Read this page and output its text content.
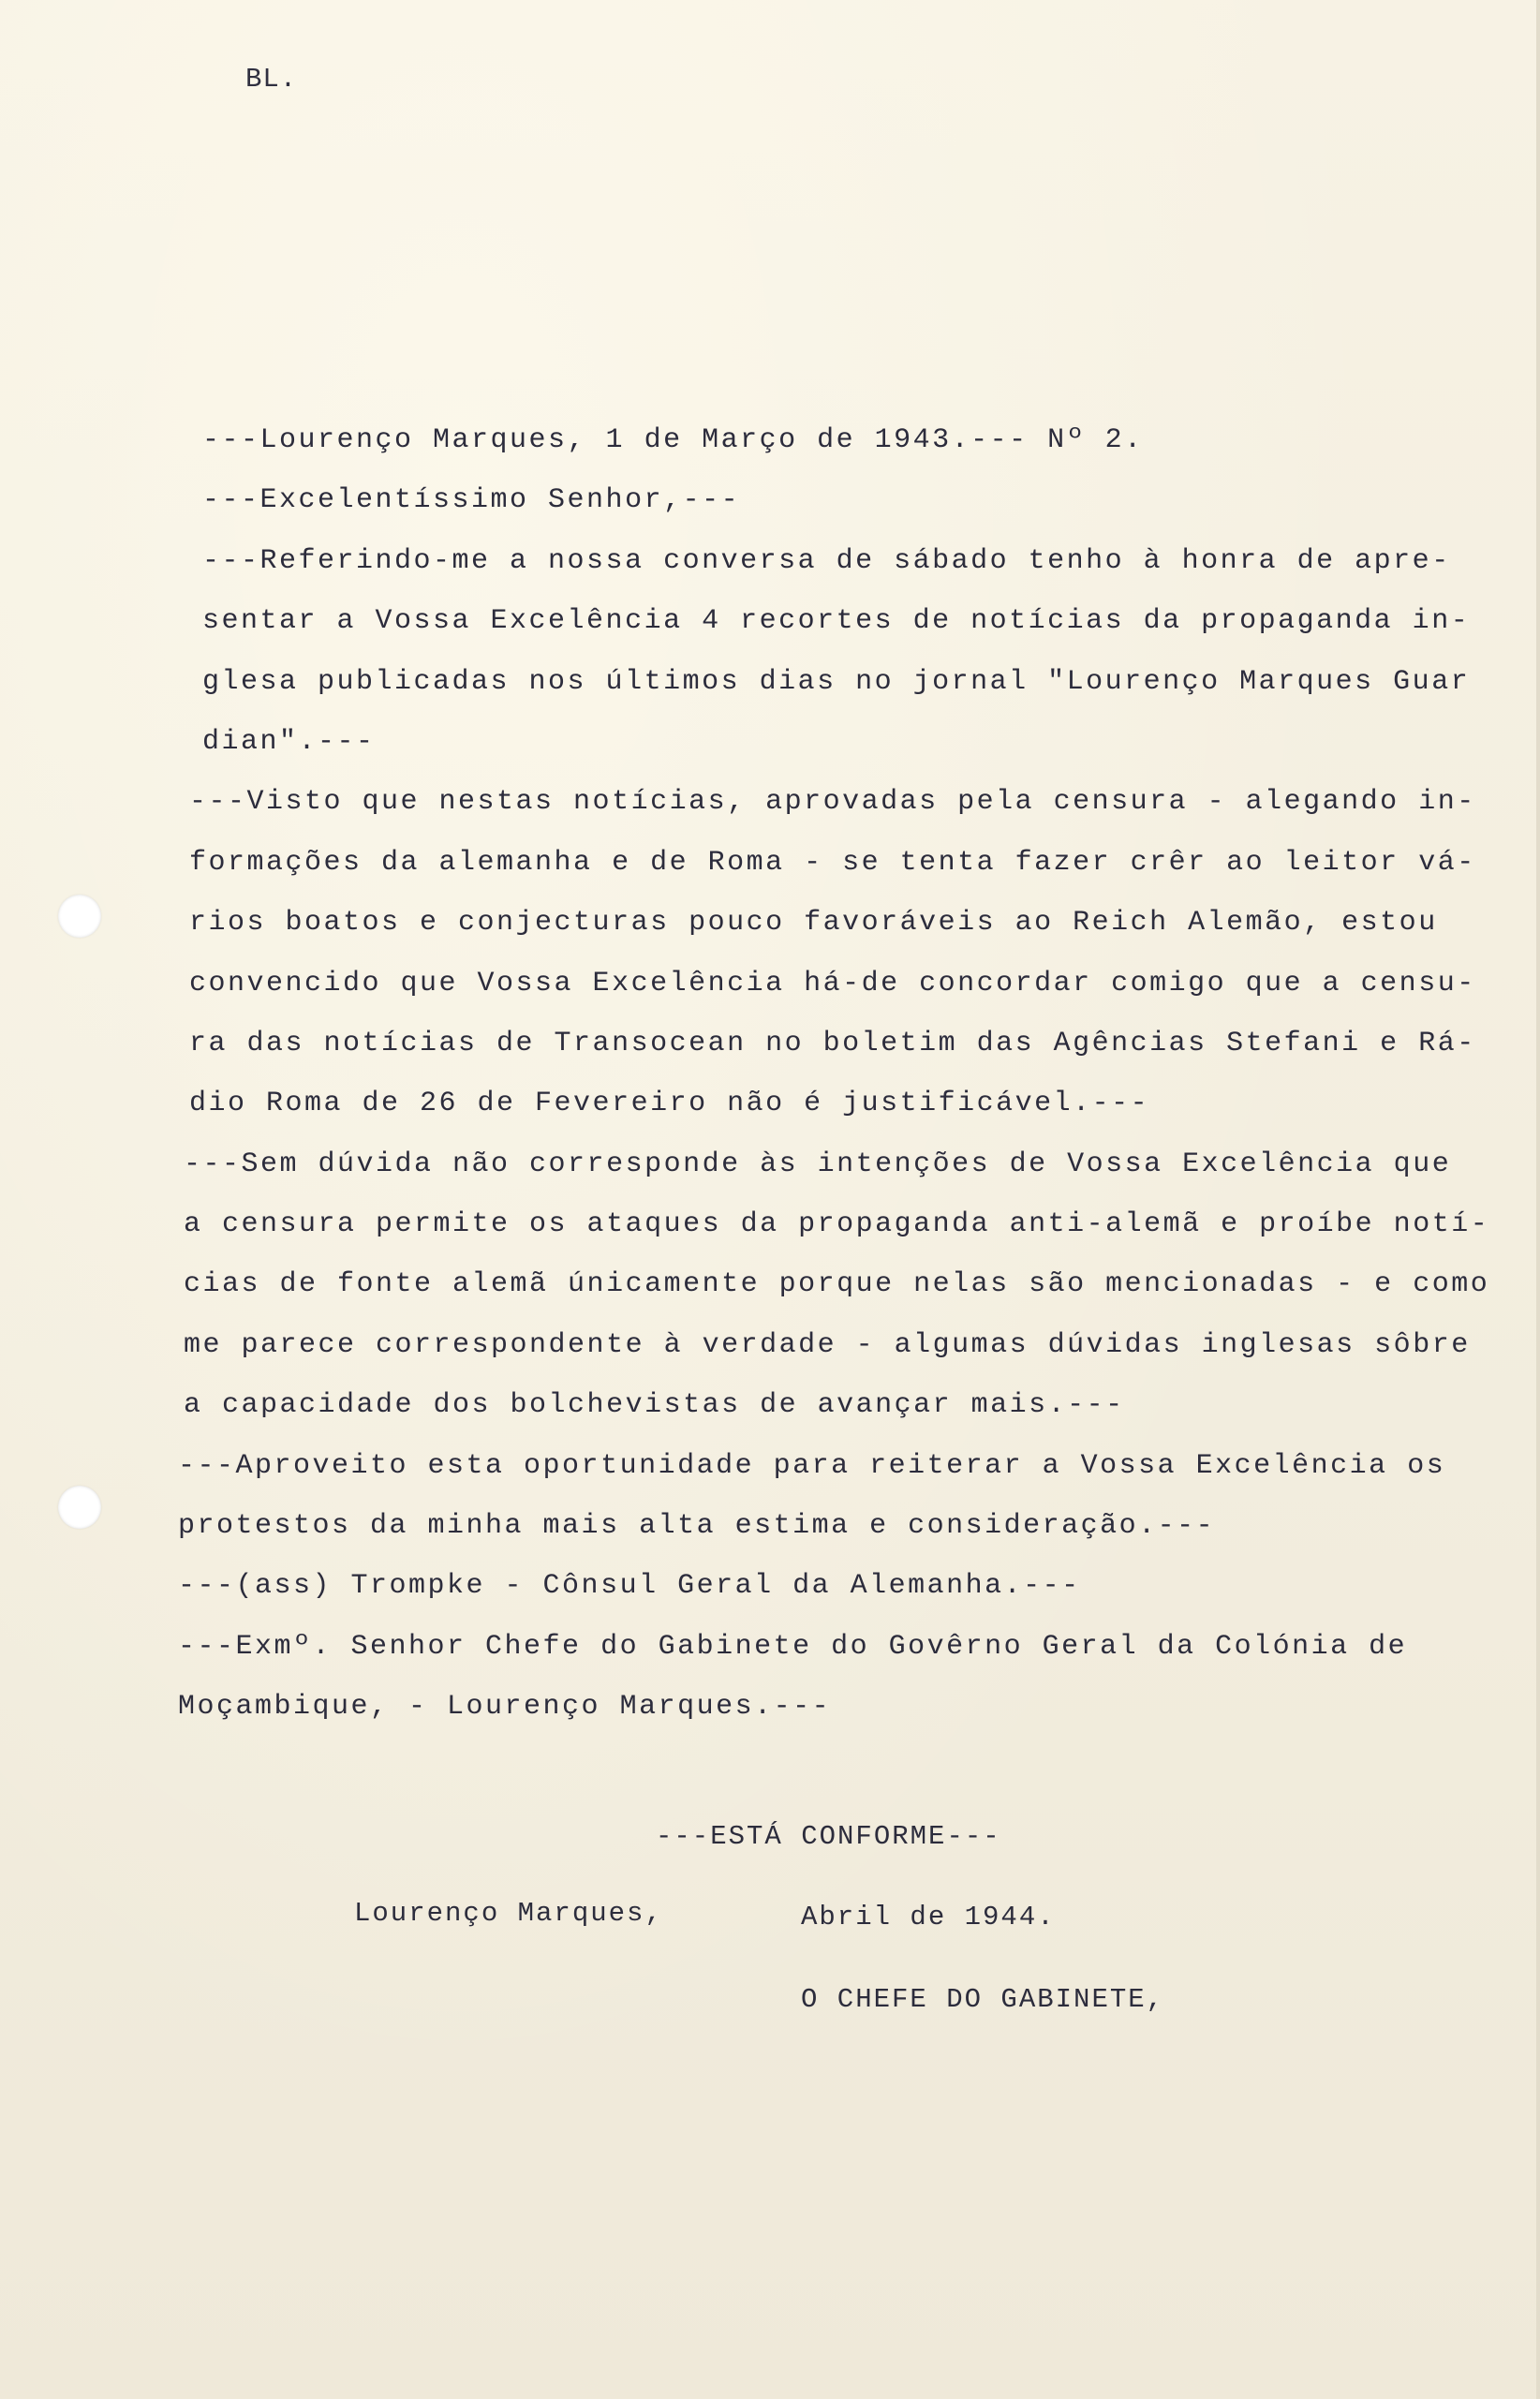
BL.
---Lourenço Marques, 1 de Março de 1943.--- Nº 2.
---Excelentíssimo Senhor,---
---Referindo-me a nossa conversa de sábado tenho à honra de apre-
sentar a Vossa Excelência 4 recortes de notícias da propaganda in-
glesa publicadas nos últimos dias no jornal "Lourenço Marques Guar
dian".---
---Visto que nestas notícias, aprovadas pela censura - alegando in-
formações da alemanha e de Roma - se tenta fazer crêr ao leitor vá-
rios boatos e conjecturas pouco favoráveis ao Reich Alemão, estou
convencido que Vossa Excelência há-de concordar comigo que a censu-
ra das notícias de Transocean no boletim das Agências Stefani e Rá-
dio Roma de 26 de Fevereiro não é justificável.---
---Sem dúvida não corresponde às intenções de Vossa Excelência que
a censura permite os ataques da propaganda anti-alemã e proíbe notí-
cias de fonte alemã únicamente porque nelas são mencionadas - e como
me parece correspondente à verdade - algumas dúvidas inglesas sôbre
a capacidade dos bolchevistas de avançar mais.---
---Aproveito esta oportunidade para reiterar a Vossa Excelência os
protestos da minha mais alta estima e consideração.---
---(ass) Trompke - Cônsul Geral da Alemanha.---
---Exmº. Senhor Chefe do Gabinete do Govêrno Geral da Colónia de
Moçambique, - Lourenço Marques.---
---ESTÁ CONFORME---
Lourenço Marques,	Abril de 1944.
O CHEFE DO GABINETE,
